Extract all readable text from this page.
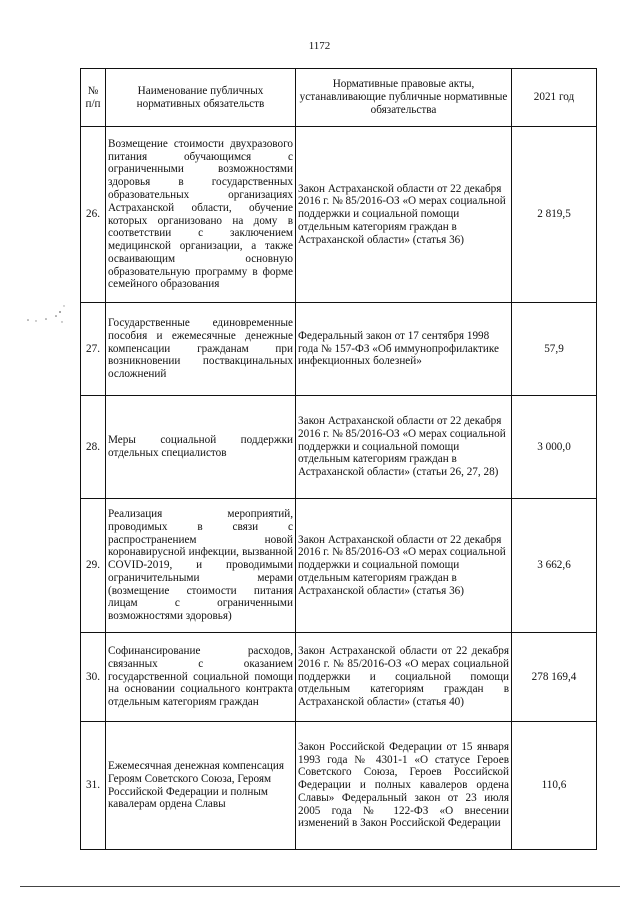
1172
№ п/п	Наименование публичных нормативных обязательств	Нормативные правовые акты, устанавливающие публичные нормативные обязательства	2021 год
26.	Возмещение стоимости двухразового питания обучающимся с ограниченными возможностями здоровья в государственных образовательных организациях Астраханской области, обучение которых организовано на дому в соответствии с заключением медицинской организации, а также осваивающим основную образовательную программу в форме семейного образования	Закон Астраханской области от 22 декабря 2016 г. № 85/2016-ОЗ «О мерах социальной поддержки и социальной помощи отдельным категориям граждан в Астраханской области» (статья 36)	2 819,5
27.	Государственные единовременные пособия и ежемесячные денежные компенсации гражданам при возникновении поствакцинальных осложнений	Федеральный закон от 17 сентября 1998 года № 157-ФЗ «Об иммунопрофилактике инфекционных болезней»	57,9
28.	Меры социальной поддержки отдельных специалистов	Закон Астраханской области от 22 декабря 2016 г. № 85/2016-ОЗ «О мерах социальной поддержки и социальной помощи отдельным категориям граждан в Астраханской области» (статьи 26, 27, 28)	3 000,0
29.	Реализация мероприятий, проводимых в связи с распространением новой коронавирусной инфекции, вызванной COVID-2019, и проводимыми ограничительными мерами (возмещение стоимости питания лицам с ограниченными возможностями здоровья)	Закон Астраханской области от 22 декабря 2016 г. № 85/2016-ОЗ «О мерах социальной поддержки и социальной помощи отдельным категориям граждан в Астраханской области» (статья 36)	3 662,6
30.	Софинансирование расходов, связанных с оказанием государственной социальной помощи на основании социального контракта отдельным категориям граждан	Закон Астраханской области от 22 декабря 2016 г. № 85/2016-ОЗ «О мерах социальной поддержки и социальной помощи отдельным категориям граждан в Астраханской области» (статья 40)	278 169,4
31.	Ежемесячная денежная компенсация Героям Советского Союза, Героям Российской Федерации и полным кавалерам ордена Славы	Закон Российской Федерации от 15 января 1993 года № 4301-1 «О статусе Героев Советского Союза, Героев Российской Федерации и полных кавалеров ордена Славы» Федеральный закон от 23 июля 2005 года № 122-ФЗ «О внесении изменений в Закон Российской Федерации	110,6
